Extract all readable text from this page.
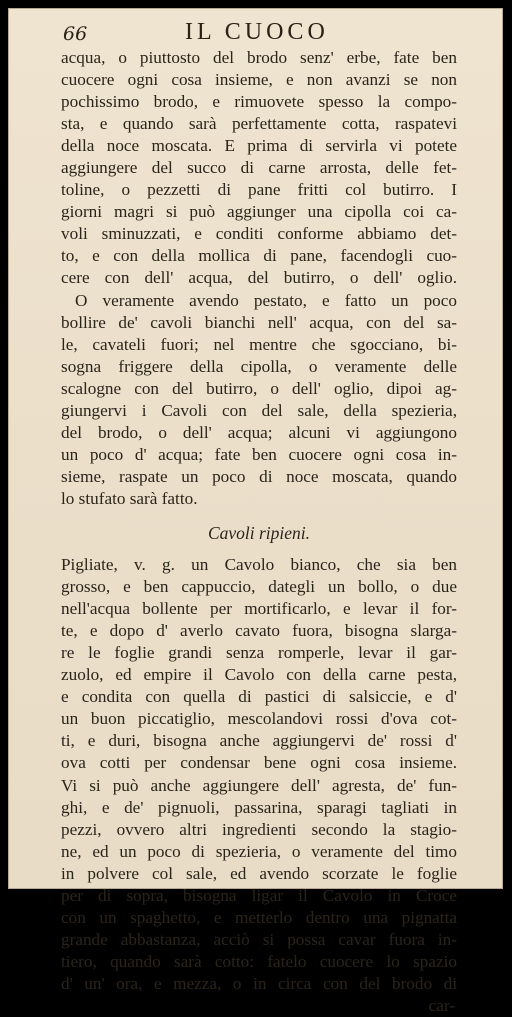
66	IL CUOCO
acqua, o piuttosto del brodo senz' erbe, fate ben
cuocere ogni cosa insieme, e non avanzi se non
pochissimo brodo, e rimuovete spesso la compo-
sta, e quando sarà perfettamente cotta, raspatevi
della noce moscata. E prima di servirla vi potete
aggiungere del succo di carne arrosta, delle fet-
toline, o pezzetti di pane fritti col butirro. I
giorni magri si può aggiunger una cipolla coi ca-
voli sminuzzati, e conditi conforme abbiamo det-
to, e con della mollica di pane, facendogli cuo-
cere con dell' acqua, del butirro, o dell' oglio.
O veramente avendo pestato, e fatto un poco
bollire de' cavoli bianchi nell' acqua, con del sa-
le, cavateli fuori; nel mentre che sgocciano, bi-
sogna friggere della cipolla, o veramente delle
scalogne con del butirro, o dell' oglio, dipoi ag-
giungervi i Cavoli con del sale, della spezieria,
del brodo, o dell' acqua; alcuni vi aggiungono
un poco d' acqua; fate ben cuocere ogni cosa in-
sieme, raspate un poco di noce moscata, quando
lo stufato sarà fatto.
Cavoli ripieni.
Pigliate, v. g. un Cavolo bianco, che sia ben
grosso, e ben cappuccio, dategli un bollo, o due
nell'acqua bollente per mortificarlo, e levar il for-
te, e dopo d' averlo cavato fuora, bisogna slarga-
re le foglie grandi senza romperle, levar il gar-
zuolo, ed empire il Cavolo con della carne pesta,
e condita con quella di pastici di salsiccie, e d'
un buon piccatiglio, mescolandovi rossi d'ova cot-
ti, e duri, bisogna anche aggiungervi de' rossi d'
ova cotti per condensar bene ogni cosa insieme.
Vi si può anche aggiungere dell' agresta, de' fun-
ghi, e de' pignuoli, passarina, sparagi tagliati in
pezzi, ovvero altri ingredienti secondo la stagio-
ne, ed un poco di spezieria, o veramente del timo
in polvere col sale, ed avendo scorzate le foglie
per di sopra, bisogna ligar il Cavolo in Croce
con un spaghetto, e metterlo dentro una pignatta
grande abbastanza, acciò si possa cavar fuora in-
tiero, quando sarà cotto: fatelo cuocere lo spazio
d' un' ora, e mezza, o in circa con del brodo di
car-
